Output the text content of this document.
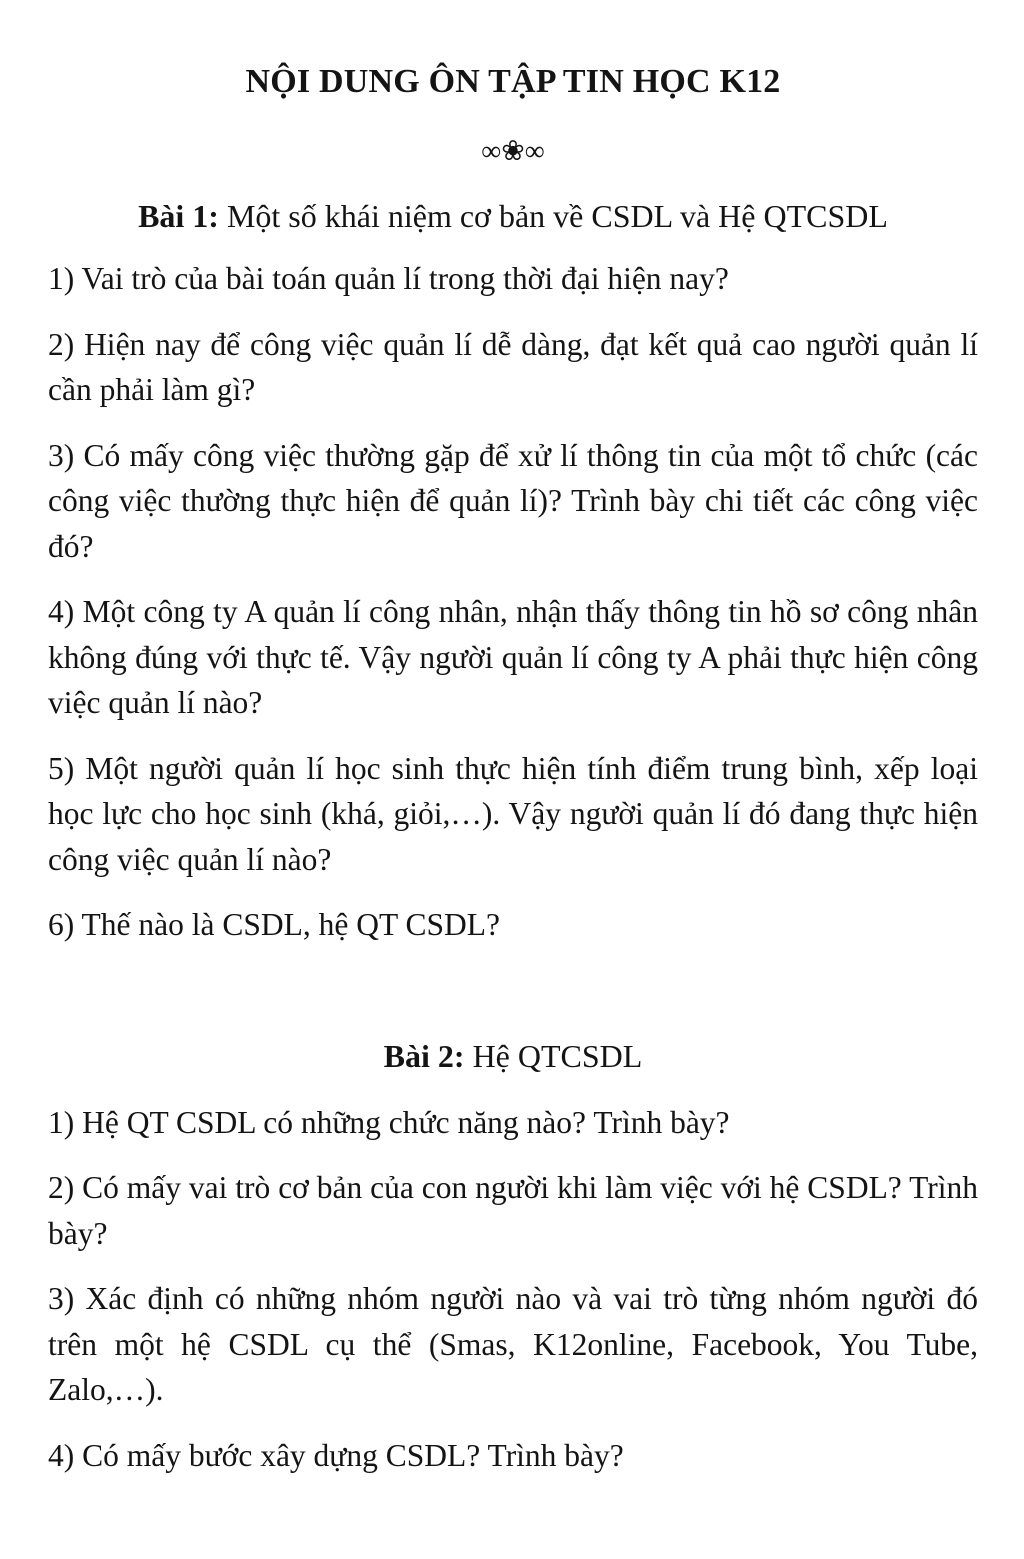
NỘI DUNG ÔN TẬP TIN HỌC K12
∞❀∞
Bài 1: Một số khái niệm cơ bản về CSDL và Hệ QTCSDL
1) Vai trò của bài toán quản lí trong thời đại hiện nay?
2) Hiện nay để công việc quản lí dễ dàng, đạt kết quả cao người quản lí cần phải làm gì?
3) Có mấy công việc thường gặp để xử lí thông tin của một tổ chức (các công việc thường thực hiện để quản lí)? Trình bày chi tiết các công việc đó?
4) Một công ty A quản lí công nhân, nhận thấy thông tin hồ sơ công nhân không đúng với thực tế. Vậy người quản lí công ty A phải thực hiện công việc quản lí nào?
5) Một người quản lí học sinh thực hiện tính điểm trung bình, xếp loại học lực cho học sinh (khá, giỏi,…). Vậy người quản lí đó đang thực hiện công việc quản lí nào?
6) Thế nào là CSDL, hệ QT CSDL?
Bài 2: Hệ QTCSDL
1) Hệ QT CSDL có những chức năng nào? Trình bày?
2) Có mấy vai trò cơ bản của con người khi làm việc với hệ CSDL? Trình bày?
3) Xác định có những nhóm người nào và vai trò từng nhóm người đó trên một hệ CSDL cụ thể (Smas, K12online, Facebook, You Tube, Zalo,…).
4) Có mấy bước xây dựng CSDL? Trình bày?
